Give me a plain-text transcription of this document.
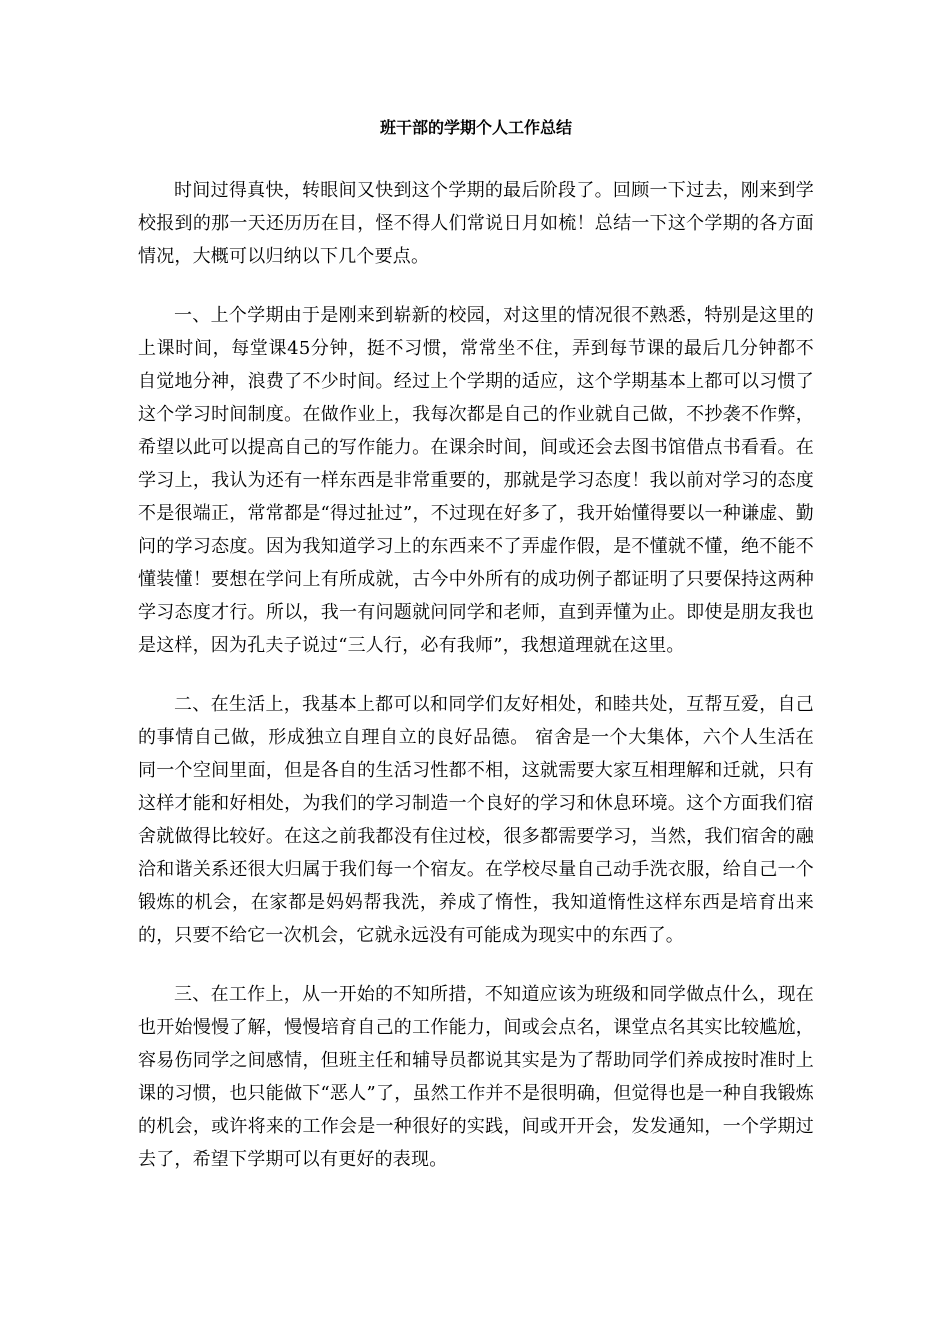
班干部的学期个人工作总结

时间过得真快，转眼间又快到这个学期的最后阶段了。回顾一下过去，刚来到学校报到的那一天还历历在目，怪不得人们常说日月如梳！总结一下这个学期的各方面情况，大概可以归纳以下几个要点。

一、上个学期由于是刚来到崭新的校园，对这里的情况很不熟悉，特别是这里的上课时间，每堂课45分钟，挺不习惯，常常坐不住，弄到每节课的最后几分钟都不自觉地分神，浪费了不少时间。经过上个学期的适应，这个学期基本上都可以习惯了这个学习时间制度。在做作业上，我每次都是自己的作业就自己做，不抄袭不作弊，希望以此可以提高自己的写作能力。在课余时间，间或还会去图书馆借点书看看。在学习上，我认为还有一样东西是非常重要的，那就是学习态度！我以前对学习的态度不是很端正，常常都是“得过扯过”，不过现在好多了，我开始懂得要以一种谦虚、勤问的学习态度。因为我知道学习上的东西来不了弄虚作假，是不懂就不懂，绝不能不懂装懂！要想在学问上有所成就，古今中外所有的成功例子都证明了只要保持这两种学习态度才行。所以，我一有问题就问同学和老师，直到弄懂为止。即使是朋友我也是这样，因为孔夫子说过“三人行，必有我师”，我想道理就在这里。

二、在生活上，我基本上都可以和同学们友好相处，和睦共处，互帮互爱，自己的事情自己做，形成独立自理自立的良好品德。 宿舍是一个大集体，六个人生活在同一个空间里面，但是各自的生活习性都不相，这就需要大家互相理解和迁就，只有这样才能和好相处，为我们的学习制造一个良好的学习和休息环境。这个方面我们宿舍就做得比较好。在这之前我都没有住过校，很多都需要学习，当然，我们宿舍的融洽和谐关系还很大归属于我们每一个宿友。在学校尽量自己动手洗衣服，给自己一个锻炼的机会，在家都是妈妈帮我洗，养成了惰性，我知道惰性这样东西是培育出来的，只要不给它一次机会，它就永远没有可能成为现实中的东西了。

三、在工作上，从一开始的不知所措，不知道应该为班级和同学做点什么，现在也开始慢慢了解，慢慢培育自己的工作能力，间或会点名，课堂点名其实比较尴尬，容易伤同学之间感情，但班主任和辅导员都说其实是为了帮助同学们养成按时准时上课的习惯，也只能做下“恶人”了，虽然工作并不是很明确，但觉得也是一种自我锻炼的机会，或许将来的工作会是一种很好的实践，间或开开会，发发通知，一个学期过去了，希望下学期可以有更好的表现。
